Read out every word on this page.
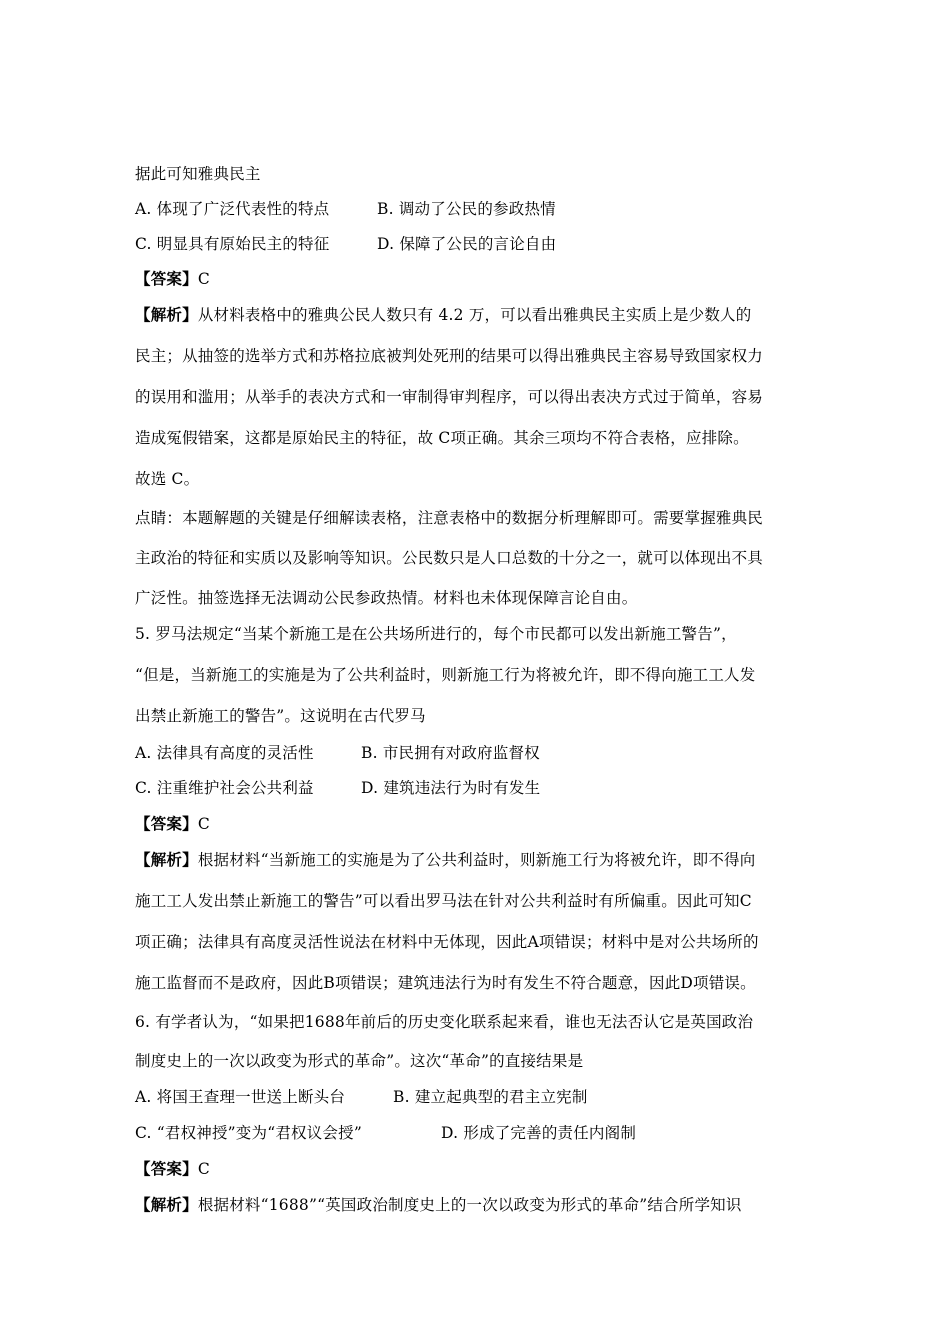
据此可知雅典民主
A. 体现了广泛代表性的特点	B. 调动了公民的参政热情
C. 明显具有原始民主的特征	D. 保障了公民的言论自由
【答案】C
【解析】从材料表格中的雅典公民人数只有 4.2 万，可以看出雅典民主实质上是少数人的
民主；从抽签的选举方式和苏格拉底被判处死刑的结果可以得出雅典民主容易导致国家权力
的误用和滥用；从举手的表决方式和一审制得审判程序，可以得出表决方式过于简单，容易
造成冤假错案，这都是原始民主的特征，故 C项正确。其余三项均不符合表格，应排除。
故选 C。
点睛：本题解题的关键是仔细解读表格，注意表格中的数据分析理解即可。需要掌握雅典民
主政治的特征和实质以及影响等知识。公民数只是人口总数的十分之一，就可以体现出不具
广泛性。抽签选择无法调动公民参政热情。材料也未体现保障言论自由。
5. 罗马法规定“当某个新施工是在公共场所进行的，每个市民都可以发出新施工警告”，
“但是，当新施工的实施是为了公共利益时，则新施工行为将被允许，即不得向施工工人发
出禁止新施工的警告”。这说明在古代罗马
A. 法律具有高度的灵活性	B. 市民拥有对政府监督权
C. 注重维护社会公共利益	D. 建筑违法行为时有发生
【答案】C
【解析】根据材料“当新施工的实施是为了公共利益时，则新施工行为将被允许，即不得向
施工工人发出禁止新施工的警告”可以看出罗马法在针对公共利益时有所偏重。因此可知C
项正确；法律具有高度灵活性说法在材料中无体现，因此A项错误；材料中是对公共场所的
施工监督而不是政府，因此B项错误；建筑违法行为时有发生不符合题意，因此D项错误。
6. 有学者认为，“如果把1688年前后的历史变化联系起来看，谁也无法否认它是英国政治
制度史上的一次以政变为形式的革命”。这次“革命”的直接结果是
A. 将国王查理一世送上断头台	B. 建立起典型的君主立宪制
C. “君权神授”变为“君权议会授”	D. 形成了完善的责任内阁制
【答案】C
【解析】根据材料“1688”“英国政治制度史上的一次以政变为形式的革命”结合所学知识
